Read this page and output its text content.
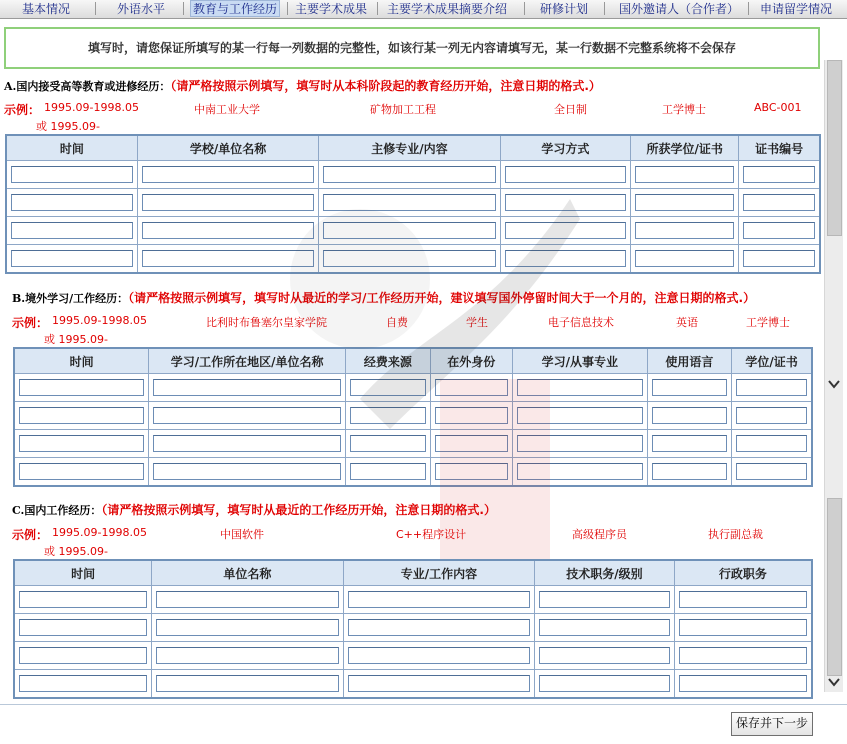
基本情况	外语水平 教育与工作经历 主要学术成果 主要学术成果摘要介绍	研修计划	国外邀请人（合作者） 申请留学情况
填写时，请您保证所填写的某一行每一列数据的完整性，如该行某一列无内容请填写无，某一行数据不完整系统将不会保存
A.国内接受高等教育或进修经历：（请严格按照示例填写，填写时从本科阶段起的教育经历开始，注意日期的格式.）
示例： 1995.09-1998.05	中南工业大学	矿物加工工程	全日制	工学博士	ABC-001
或 1995.09-
时间	学校/单位名称	主修专业/内容	学习方式	所获学位/证书	证书编号

B.境外学习/工作经历：（请严格按照示例填写，填写时从最近的学习/工作经历开始，建议填写国外停留时间大于一个月的，注意日期的格式.）
示例： 1995.09-1998.05	比利时布鲁塞尔皇家学院	自费	学生	电子信息技术	英语	工学博士
或 1995.09-
时间	学习/工作所在地区/单位名称	经费来源	在外身份	学习/从事专业	使用语言	学位/证书

C.国内工作经历：（请严格按照示例填写，填写时从最近的工作经历开始，注意日期的格式.）
示例： 1995.09-1998.05	中国软件	C++程序设计	高级程序员	执行副总裁
或 1995.09-
时间	单位名称	专业/工作内容	技术职务/级别	行政职务

保存并下一步
